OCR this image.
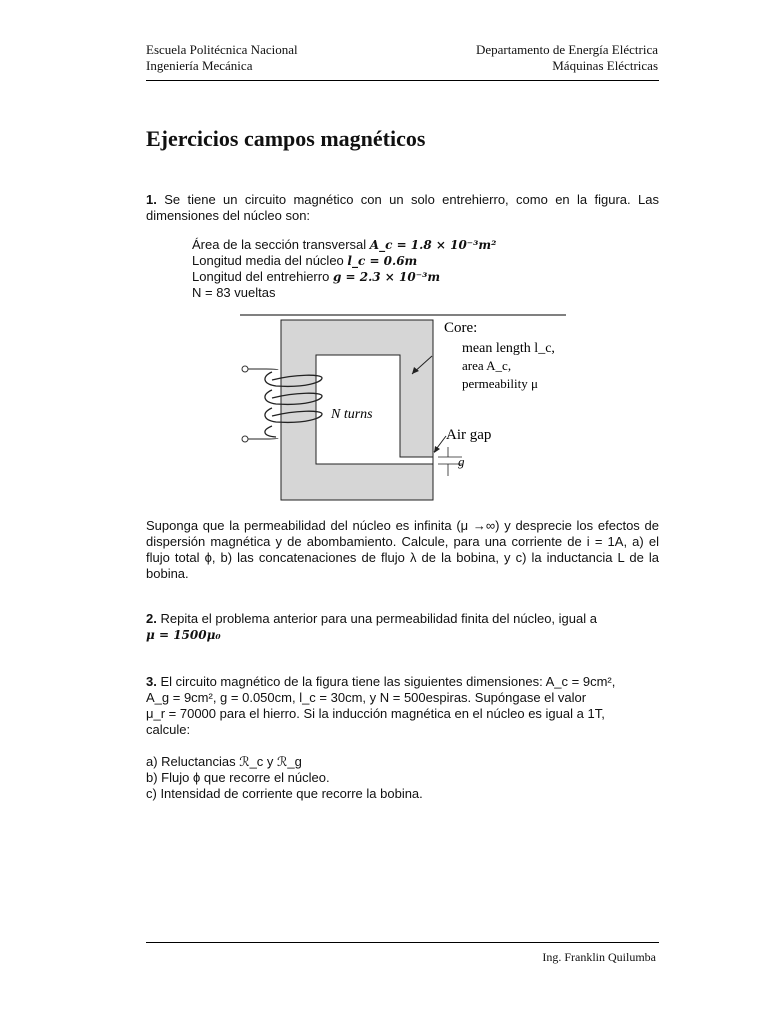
Escuela Politécnica Nacional
Ingeniería Mecánica
Departamento de Energía Eléctrica
Máquinas Eléctricas
Ejercicios campos magnéticos
1. Se tiene un circuito magnético con un solo entrehierro, como en la figura. Las dimensiones del núcleo son:
Área de la sección transversal A_c = 1.8 × 10⁻³m²
Longitud media del núcleo l_c = 0.6m
Longitud del entrehierro g = 2.3 × 10⁻³m
N = 83 vueltas
N turns
g
Core:
mean length l_c,
area A_c,
permeability μ
Air gap
Suponga que la permeabilidad del núcleo es infinita (μ →∞) y desprecie los efectos de dispersión magnética y de abombamiento. Calcule, para una corriente de i = 1A, a) el flujo total ϕ, b) las concatenaciones de flujo λ de la bobina, y c) la inductancia L de la bobina.
2. Repita el problema anterior para una permeabilidad finita del núcleo, igual a
μ = 1500μ₀
3. El circuito magnético de la figura tiene las siguientes dimensiones: A_c = 9cm²,
A_g = 9cm², g = 0.050cm, l_c = 30cm, y N = 500espiras. Supóngase el valor
μ_r = 70000 para el hierro. Si la inducción magnética en el núcleo es igual a 1T,
calcule:
a) Reluctancias ℛ_c y ℛ_g
b) Flujo ϕ que recorre el núcleo.
c) Intensidad de corriente que recorre la bobina.
Ing. Franklin Quilumba
